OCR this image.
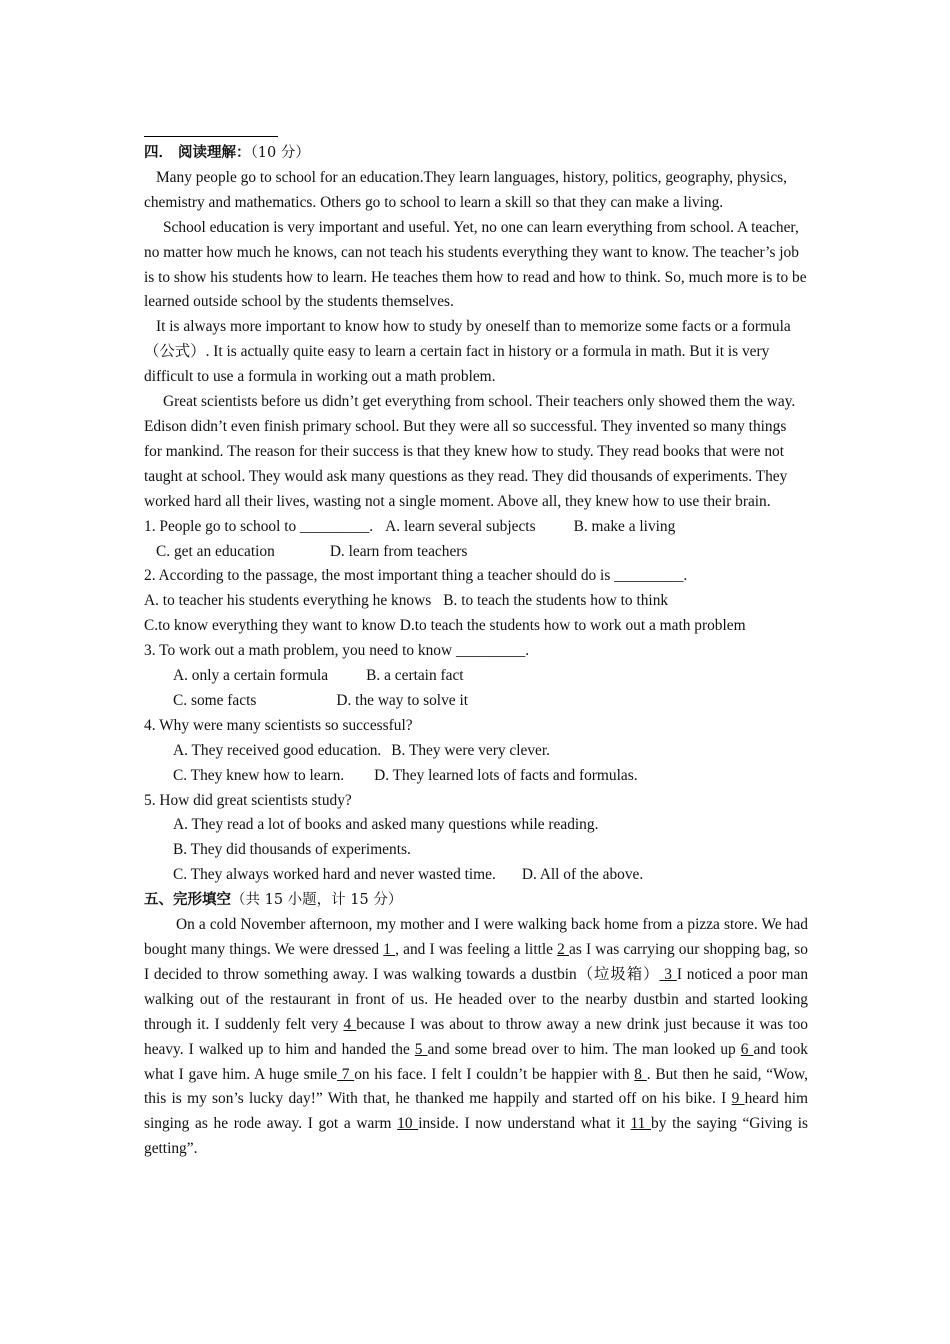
四． 阅读理解：（10 分）

Many people go to school for an education.They learn languages, history, politics, geography, physics, chemistry and mathematics. Others go to school to learn a skill so that they can make a living.

School education is very important and useful. Yet, no one can learn everything from school. A teacher, no matter how much he knows, can not teach his students everything they want to know. The teacher’s job is to show his students how to learn. He teaches them how to read and how to think. So, much more is to be learned outside school by the students themselves.

It is always more important to know how to study by oneself than to memorize some facts or a formula（公式）. It is actually quite easy to learn a certain fact in history or a formula in math. But it is very difficult to use a formula in working out a math problem.

Great scientists before us didn’t get everything from school. Their teachers only showed them the way. Edison didn’t even finish primary school. But they were all so successful. They invented so many things for mankind. The reason for their success is that they knew how to study. They read books that were not taught at school. They would ask many questions as they read. They did thousands of experiments. They worked hard all their lives, wasting not a single moment. Above all, they knew how to use their brain.

1. People go to school to _________. A. learn several subjects B. make a living

C. get an education	D. learn from teachers

2. According to the passage, the most important thing a teacher should do is _________.

A. to teacher his students everything he knows B. to teach the students how to think

C.to know everything they want to know D.to teach the students how to work out a math problem

3. To work out a math problem, you need to know _________.

A. only a certain formula B. a certain fact

C. some facts	D. the way to solve it

4. Why were many scientists so successful?

A. They received good education. B. They were very clever.

C. They knew how to learn. D. They learned lots of facts and formulas.

5. How did great scientists study?

A. They read a lot of books and asked many questions while reading.

B. They did thousands of experiments.

C. They always worked hard and never wasted time. D. All of the above.

五、完形填空（共 15 小题，计 15 分）

On a cold November afternoon, my mother and I were walking back home from a pizza store. We had bought many things. We were dressed 1 , and I was feeling a little 2 as I was carrying our shopping bag, so I decided to throw something away. I was walking towards a dustbin（垃圾箱） 3 I noticed a poor man walking out of the restaurant in front of us. He headed over to the nearby dustbin and started looking through it. I suddenly felt very 4 because I was about to throw away a new drink just because it was too heavy. I walked up to him and handed the 5 and some bread over to him. The man looked up 6 and took what I gave him. A huge smile 7 on his face. I felt I couldn’t be happier with 8 . But then he said, “Wow, this is my son’s lucky day!” With that, he thanked me happily and started off on his bike. I 9 heard him singing as he rode away. I got a warm 10 inside. I now understand what it 11 by the saying “Giving is getting”.
